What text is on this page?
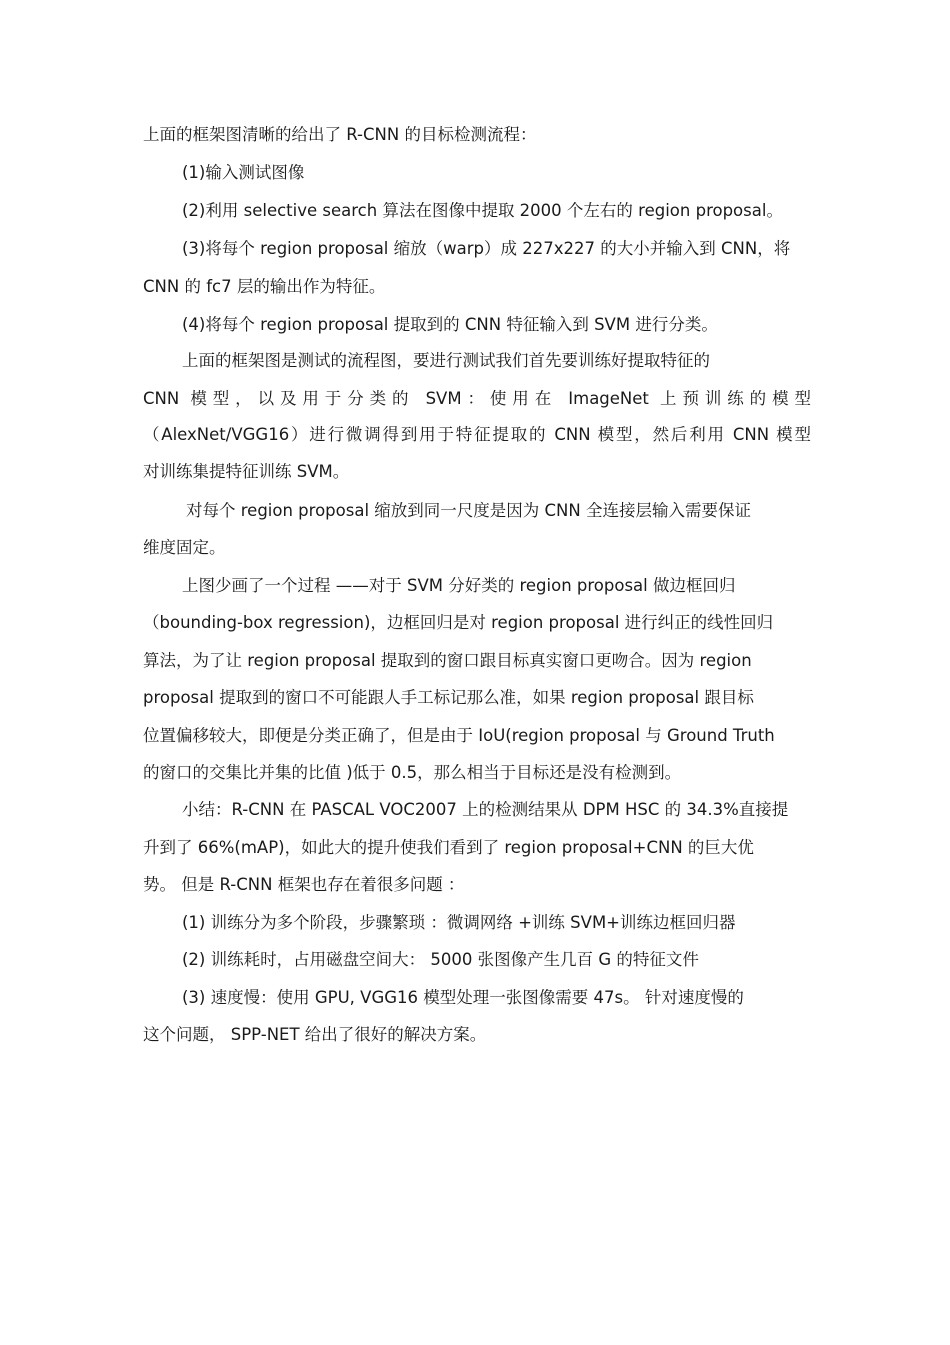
上面的框架图清晰的给出了 R-CNN 的目标检测流程：
(1)输入测试图像
(2)利用 selective search 算法在图像中提取 2000 个左右的 region proposal。
(3)将每个 region proposal 缩放（warp）成 227x227 的大小并输入到 CNN，将
CNN 的 fc7 层的输出作为特征。
(4)将每个 region proposal 提取到的 CNN 特征输入到 SVM 进行分类。
上面的框架图是测试的流程图，要进行测试我们首先要训练好提取特征的
CNN 模型，以及用于分类的 SVM：使用在 ImageNet 上预训练的模型
（AlexNet/VGG16）进行微调得到用于特征提取的 CNN 模型，然后利用 CNN 模型
对训练集提特征训练 SVM。
对每个 region proposal 缩放到同一尺度是因为 CNN 全连接层输入需要保证
维度固定。
上图少画了一个过程 ——对于 SVM 分好类的 region proposal 做边框回归
（bounding-box regression)，边框回归是对 region proposal 进行纠正的线性回归
算法，为了让 region proposal 提取到的窗口跟目标真实窗口更吻合。因为 region
proposal 提取到的窗口不可能跟人手工标记那么准，如果 region proposal 跟目标
位置偏移较大，即便是分类正确了，但是由于 IoU(region proposal 与 Ground Truth
的窗口的交集比并集的比值 )低于 0.5，那么相当于目标还是没有检测到。
小结：R-CNN 在 PASCAL VOC2007 上的检测结果从 DPM HSC 的 34.3%直接提
升到了 66%(mAP)，如此大的提升使我们看到了 region proposal+CNN 的巨大优
势。 但是 R-CNN 框架也存在着很多问题 ：
(1) 训练分为多个阶段，步骤繁琐 ：微调网络 +训练 SVM+训练边框回归器
(2) 训练耗时，占用磁盘空间大： 5000 张图像产生几百 G 的特征文件
(3) 速度慢：使用 GPU, VGG16 模型处理一张图像需要 47s。 针对速度慢的
这个问题， SPP-NET 给出了很好的解决方案。
